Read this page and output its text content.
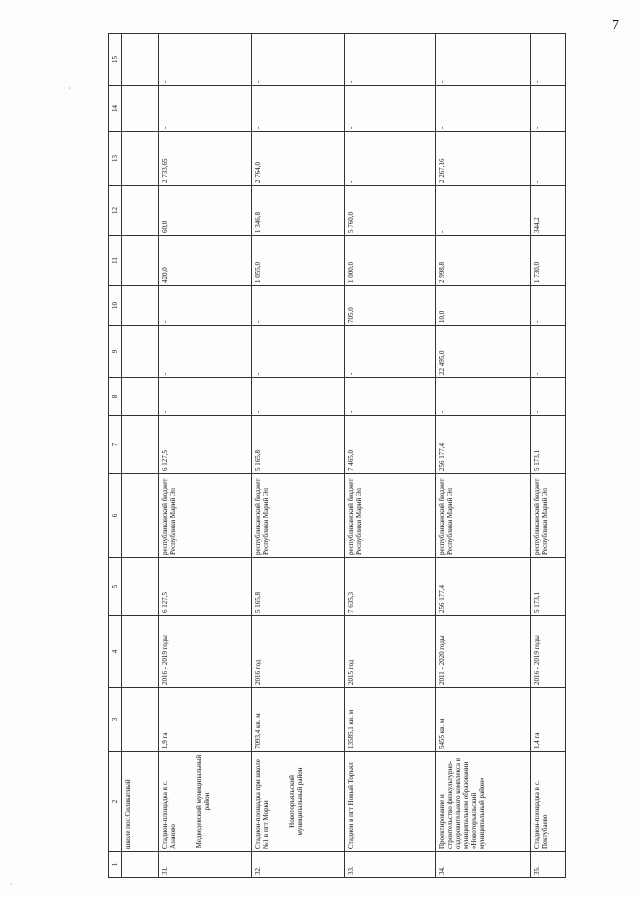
7
·
·
1	2	3	4	5	6	7	8	9	10	11	12	13	14	15
	школе пос.Силикатный													
31.	Стадион-площадка в с. Азаново Медведевский муниципальный район	1,9 га	2016 - 2019 годы	6 127,5	республиканский бюджет Республики Марий Эл	6 127,5	-	-	-	420,0	60,0	2 733,65	-	-
32.	Стадион-площадка при школе №1 в пгт Морки Новоторъяльский муниципальный район	7093,4 кв. м	2016 год	5 165,8	республиканский бюджет Республики Марий Эл	5 165,8	-	-	-	1 055,0	1 346,8	2 764,0	-	-
33.	Стадион в пгт Новый Торъял	13585,1 кв. м	2015 год	7 635,3	республиканский бюджет Республики Марий Эл	7 465,0	-	-	705,0	1 000,0	5 760,0	-	-	-
34.	Проектирование и строительство физкультурно-оздоровительного комплекса в муниципальном образовании «Новоторъяльский муниципальный район»	5455 кв. м	2011 - 2020 годы	256 177,4	республиканский бюджет Республики Марий Эл	256 177,4	-	22 495,0	10,0	2 998,8	-	2 267,16	-	-
35.	Стадион-площадка в с. Пектубаево	1,4 га	2016 - 2019 годы	5 173,1	республиканский бюджет Республики Марий Эл	5 173,1	-	-	-	1 730,0	344,2	-	-	-
